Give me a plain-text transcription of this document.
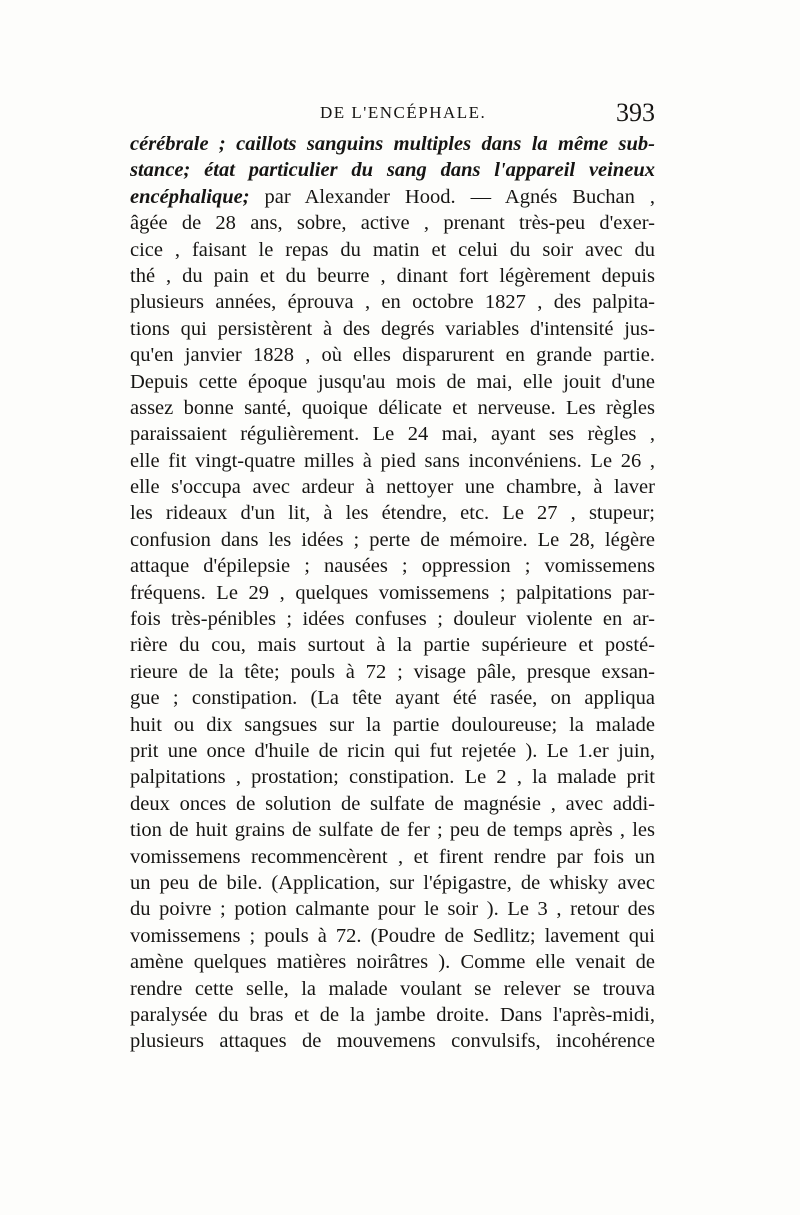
DE L'ENCÉPHALE.	393
cérébrale ; caillots sanguins multiples dans la même sub-
stance; état particulier du sang dans l'appareil veineux
encéphalique; par Alexander Hood. — Agnés Buchan ,
âgée de 28 ans, sobre, active , prenant très-peu d'exer-
cice , faisant le repas du matin et celui du soir avec du
thé , du pain et du beurre , dinant fort légèrement depuis
plusieurs années, éprouva , en octobre 1827 , des palpita-
tions qui persistèrent à des degrés variables d'intensité jus-
qu'en janvier 1828 , où elles disparurent en grande partie.
Depuis cette époque jusqu'au mois de mai, elle jouit d'une
assez bonne santé, quoique délicate et nerveuse. Les règles
paraissaient régulièrement. Le 24 mai, ayant ses règles ,
elle fit vingt-quatre milles à pied sans inconvéniens. Le 26 ,
elle s'occupa avec ardeur à nettoyer une chambre, à laver
les rideaux d'un lit, à les étendre, etc. Le 27 , stupeur;
confusion dans les idées ; perte de mémoire. Le 28, légère
attaque d'épilepsie ; nausées ; oppression ; vomissemens
fréquens. Le 29 , quelques vomissemens ; palpitations par-
fois très-pénibles ; idées confuses ; douleur violente en ar-
rière du cou, mais surtout à la partie supérieure et posté-
rieure de la tête; pouls à 72 ; visage pâle, presque exsan-
gue ; constipation. (La tête ayant été rasée, on appliqua
huit ou dix sangsues sur la partie douloureuse; la malade
prit une once d'huile de ricin qui fut rejetée ). Le 1.er juin,
palpitations , prostation; constipation. Le 2 , la malade prit
deux onces de solution de sulfate de magnésie , avec addi-
tion de huit grains de sulfate de fer ; peu de temps après , les
vomissemens recommencèrent , et firent rendre par fois un
un peu de bile. (Application, sur l'épigastre, de whisky avec
du poivre ; potion calmante pour le soir ). Le 3 , retour des
vomissemens ; pouls à 72. (Poudre de Sedlitz; lavement qui
amène quelques matières noirâtres ). Comme elle venait de
rendre cette selle, la malade voulant se relever se trouva
paralysée du bras et de la jambe droite. Dans l'après-midi,
plusieurs attaques de mouvemens convulsifs, incohérence
